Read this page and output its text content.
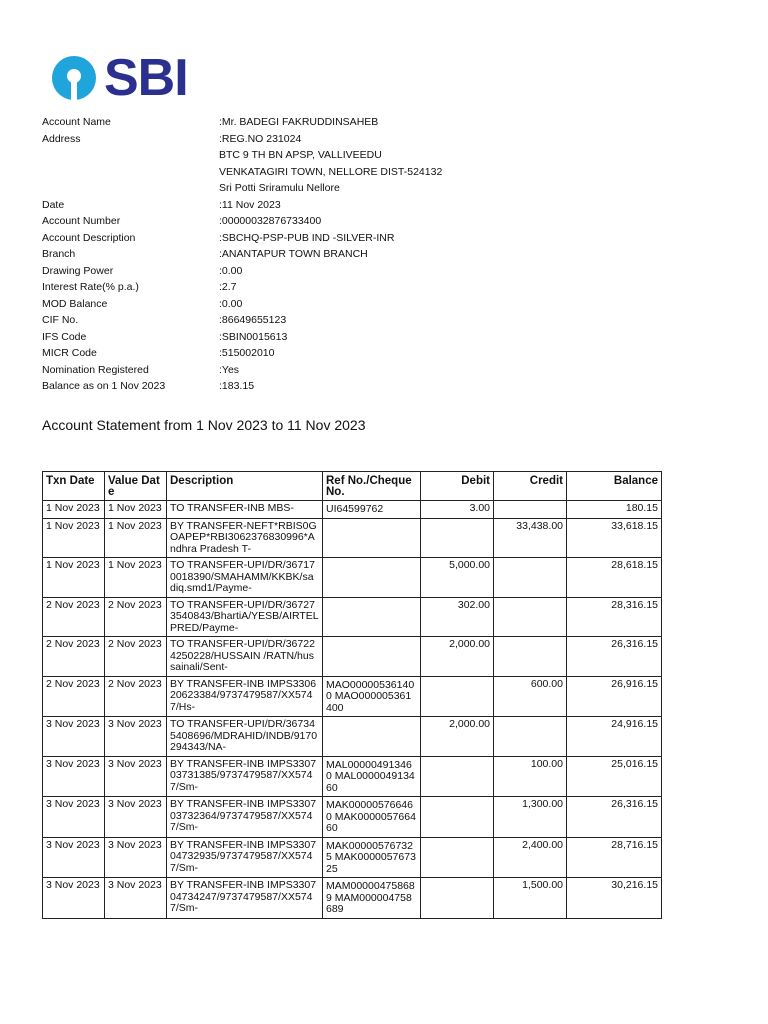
SBI
Account Name	:Mr. BADEGI FAKRUDDINSAHEB
Address	:REG.NO 231024
BTC 9 TH BN APSP, VALLIVEEDU
VENKATAGIRI TOWN, NELLORE DIST-524132
Sri Potti Sriramulu Nellore
Date	:11 Nov 2023
Account Number	:00000032876733400
Account Description	:SBCHQ-PSP-PUB IND -SILVER-INR
Branch	:ANANTAPUR TOWN BRANCH
Drawing Power	:0.00
Interest Rate(% p.a.)	:2.7
MOD Balance	:0.00
CIF No.	:86649655123
IFS Code	:SBIN0015613
MICR Code	:515002010
Nomination Registered	:Yes
Balance as on 1 Nov 2023	:183.15
Account Statement from 1 Nov 2023 to 11 Nov 2023
Txn Date	Value Date	Description	Ref No./Cheque No.	Debit	Credit	Balance
1 Nov 2023	1 Nov 2023	TO TRANSFER-INB MBS-	UI64599762	3.00		180.15
1 Nov 2023	1 Nov 2023	BY TRANSFER-NEFT*RBIS0GOAPEP*RBI3062376830996*Andhra Pradesh T-			33,438.00	33,618.15
1 Nov 2023	1 Nov 2023	TO TRANSFER-UPI/DR/367170018390/SMAHAMM/KKBK/sadiq.smd1/Payme-		5,000.00		28,618.15
2 Nov 2023	2 Nov 2023	TO TRANSFER-UPI/DR/367273540843/BhartiA/YESB/AIRTELPRED/Payme-		302.00		28,316.15
2 Nov 2023	2 Nov 2023	TO TRANSFER-UPI/DR/367224250228/HUSSAIN /RATN/hussainali/Sent-		2,000.00		26,316.15
2 Nov 2023	2 Nov 2023	BY TRANSFER-INB IMPS330620623384/9737479587/XX5747/Hs-	MAO000005361400 MAO000005361400		600.00	26,916.15
3 Nov 2023	3 Nov 2023	TO TRANSFER-UPI/DR/367345408696/MDRAHID/INDB/9170294343/NA-		2,000.00		24,916.15
3 Nov 2023	3 Nov 2023	BY TRANSFER-INB IMPS330703731385/9737479587/XX5747/Sm-	MAL000004913460 MAL000004913460		100.00	25,016.15
3 Nov 2023	3 Nov 2023	BY TRANSFER-INB IMPS330703732364/9737479587/XX5747/Sm-	MAK000005766460 MAK000005766460		1,300.00	26,316.15
3 Nov 2023	3 Nov 2023	BY TRANSFER-INB IMPS330704732935/9737479587/XX5747/Sm-	MAK000005767325 MAK000005767325		2,400.00	28,716.15
3 Nov 2023	3 Nov 2023	BY TRANSFER-INB IMPS330704734247/9737479587/XX5747/Sm-	MAM000004758689 MAM000004758689		1,500.00	30,216.15
